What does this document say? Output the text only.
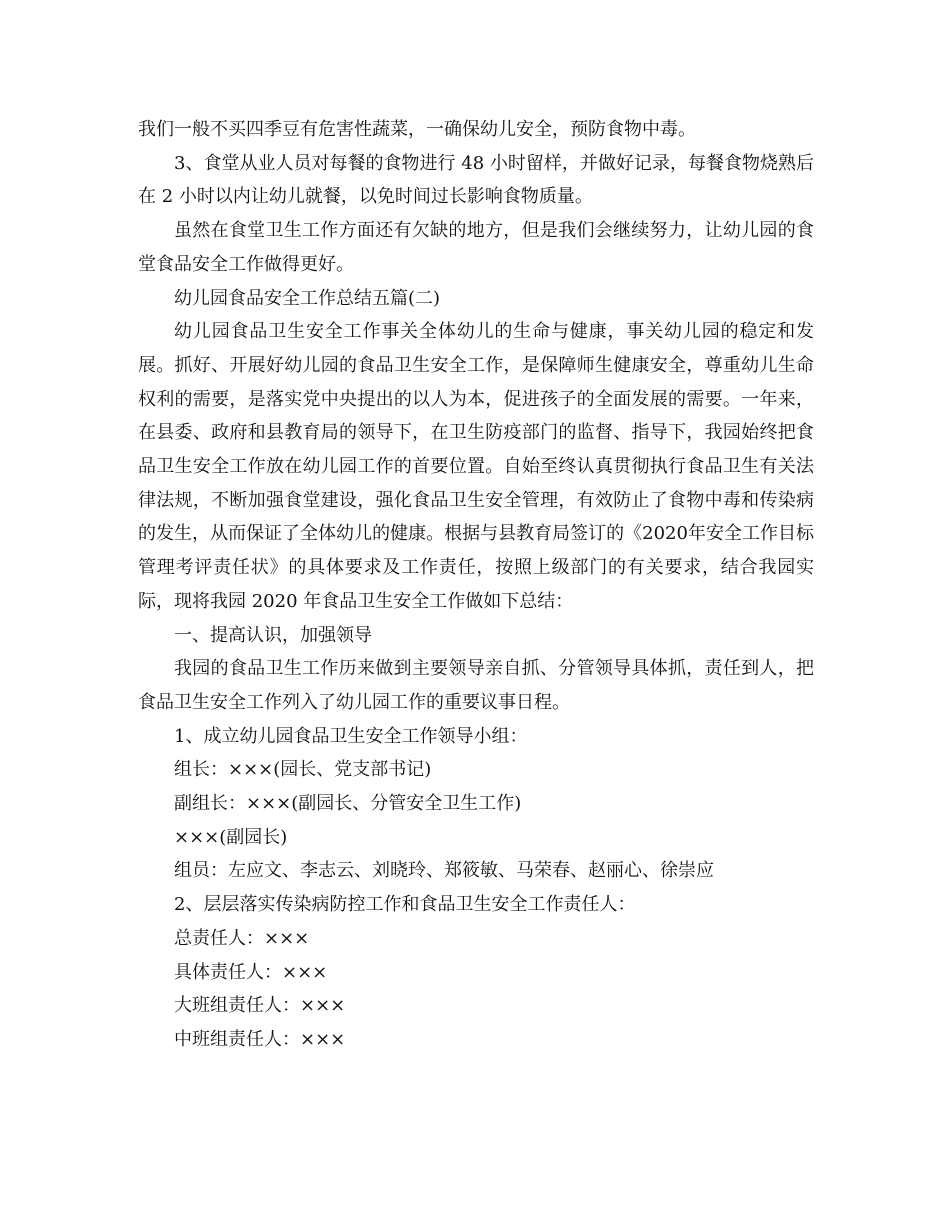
我们一般不买四季豆有危害性蔬菜，一确保幼儿安全，预防食物中毒。

3、食堂从业人员对每餐的食物进行 48 小时留样，并做好记录，每餐食物烧熟后在 2 小时以内让幼儿就餐，以免时间过长影响食物质量。

虽然在食堂卫生工作方面还有欠缺的地方，但是我们会继续努力，让幼儿园的食堂食品安全工作做得更好。

幼儿园食品安全工作总结五篇(二)

幼儿园食品卫生安全工作事关全体幼儿的生命与健康，事关幼儿园的稳定和发展。抓好、开展好幼儿园的食品卫生安全工作，是保障师生健康安全，尊重幼儿生命权利的需要，是落实党中央提出的以人为本，促进孩子的全面发展的需要。一年来，在县委、政府和县教育局的领导下，在卫生防疫部门的监督、指导下，我园始终把食品卫生安全工作放在幼儿园工作的首要位置。自始至终认真贯彻执行食品卫生有关法律法规，不断加强食堂建设，强化食品卫生安全管理，有效防止了食物中毒和传染病的发生，从而保证了全体幼儿的健康。根据与县教育局签订的《2020年安全工作目标管理考评责任状》的具体要求及工作责任，按照上级部门的有关要求，结合我园实际，现将我园 2020 年食品卫生安全工作做如下总结：

一、提高认识，加强领导

我园的食品卫生工作历来做到主要领导亲自抓、分管领导具体抓，责任到人，把食品卫生安全工作列入了幼儿园工作的重要议事日程。

1、成立幼儿园食品卫生安全工作领导小组：

组长：×××(园长、党支部书记)

副组长：×××(副园长、分管安全卫生工作)

×××(副园长)

组员：左应文、李志云、刘晓玲、郑筱敏、马荣春、赵丽心、徐崇应

2、层层落实传染病防控工作和食品卫生安全工作责任人：

总责任人：×××

具体责任人：×××

大班组责任人：×××

中班组责任人：×××
